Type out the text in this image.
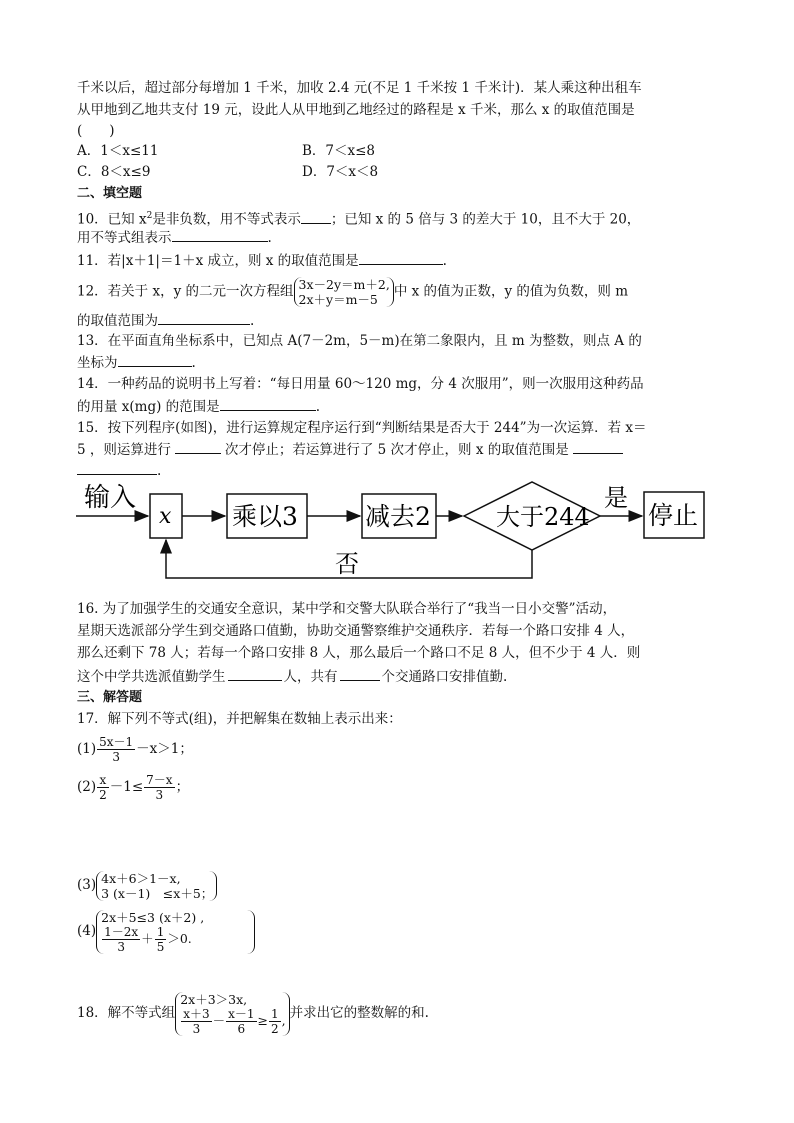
千米以后，超过部分每增加 1 千米，加收 2.4 元(不足 1 千米按 1 千米计)．某人乘这种出租车
从甲地到乙地共支付 19 元，设此人从甲地到乙地经过的路程是 x 千米，那么 x 的取值范围是
(　　)
A．1＜x≤11	B．7＜x≤8
C．8＜x≤9	D．7＜x＜8
二、填空题
10．已知 $x^2$是非负数，用不等式表示 ；已知 x 的 5 倍与 3 的差大于 10，且不大于 20，
用不等式组表示	.
11．若|x＋1|＝1＋x 成立，则 x 的取值范围是	.
12．若关于 x，y 的二元一次方程组 3x－2y＝m＋2,
2x＋y＝m－5	中 x 的值为正数，y 的值为负数，则 m
的取值范围为	.
13．在平面直角坐标系中，已知点 A(7－2m，5－m)在第二象限内，且 m 为整数，则点 A 的
坐标为	.
14．一种药品的说明书上写着：“每日用量 60～120 mg，分 4 次服用”，则一次服用这种药品
的用量 x(mg) 的范围是	.
15．按下列程序(如图)，进行运算规定程序运行到“判断结果是否大于 244”为一次运算．若 x＝
5 ，则运算进行	次才停止；若运算进行了 5 次才停止，则 x 的取值范围是
.
输入
x 乘以3	减去2	大于244
是
停止
否
16. 为了加强学生的交通安全意识，某中学和交警大队联合举行了“我当一日小交警”活动，
星期天选派部分学生到交通路口值勤，协助交通警察维护交通秩序．若每一个路口安排 4 人，
那么还剩下 78 人；若每一个路口安排 8 人，那么最后一个路口不足 8 人，但不少于 4 人．则
这个中学共选派值勤学生	人，共有	个交通路口安排值勤.
三、解答题
17．解下列不等式(组)，并把解集在数轴上表示出来：
$(1) \frac{5x-1}{3} -x>1$；
$(2) \frac{x}{2} -1\le \frac{7-x}{3}$ ；
(3) 4x＋6＞1－x,
3 (x－1)　≤x＋5；
(4)
2x＋5≤3 (x＋2) ,
$\frac{1-2x}{3} + \frac{1}{5} >0$.
18．解不等式组
2x＋3＞3x,
$\frac{x+3}{3} - \frac{x-1}{6} \ge \frac{1}{2}$ , 并求出它的整数解的和.
